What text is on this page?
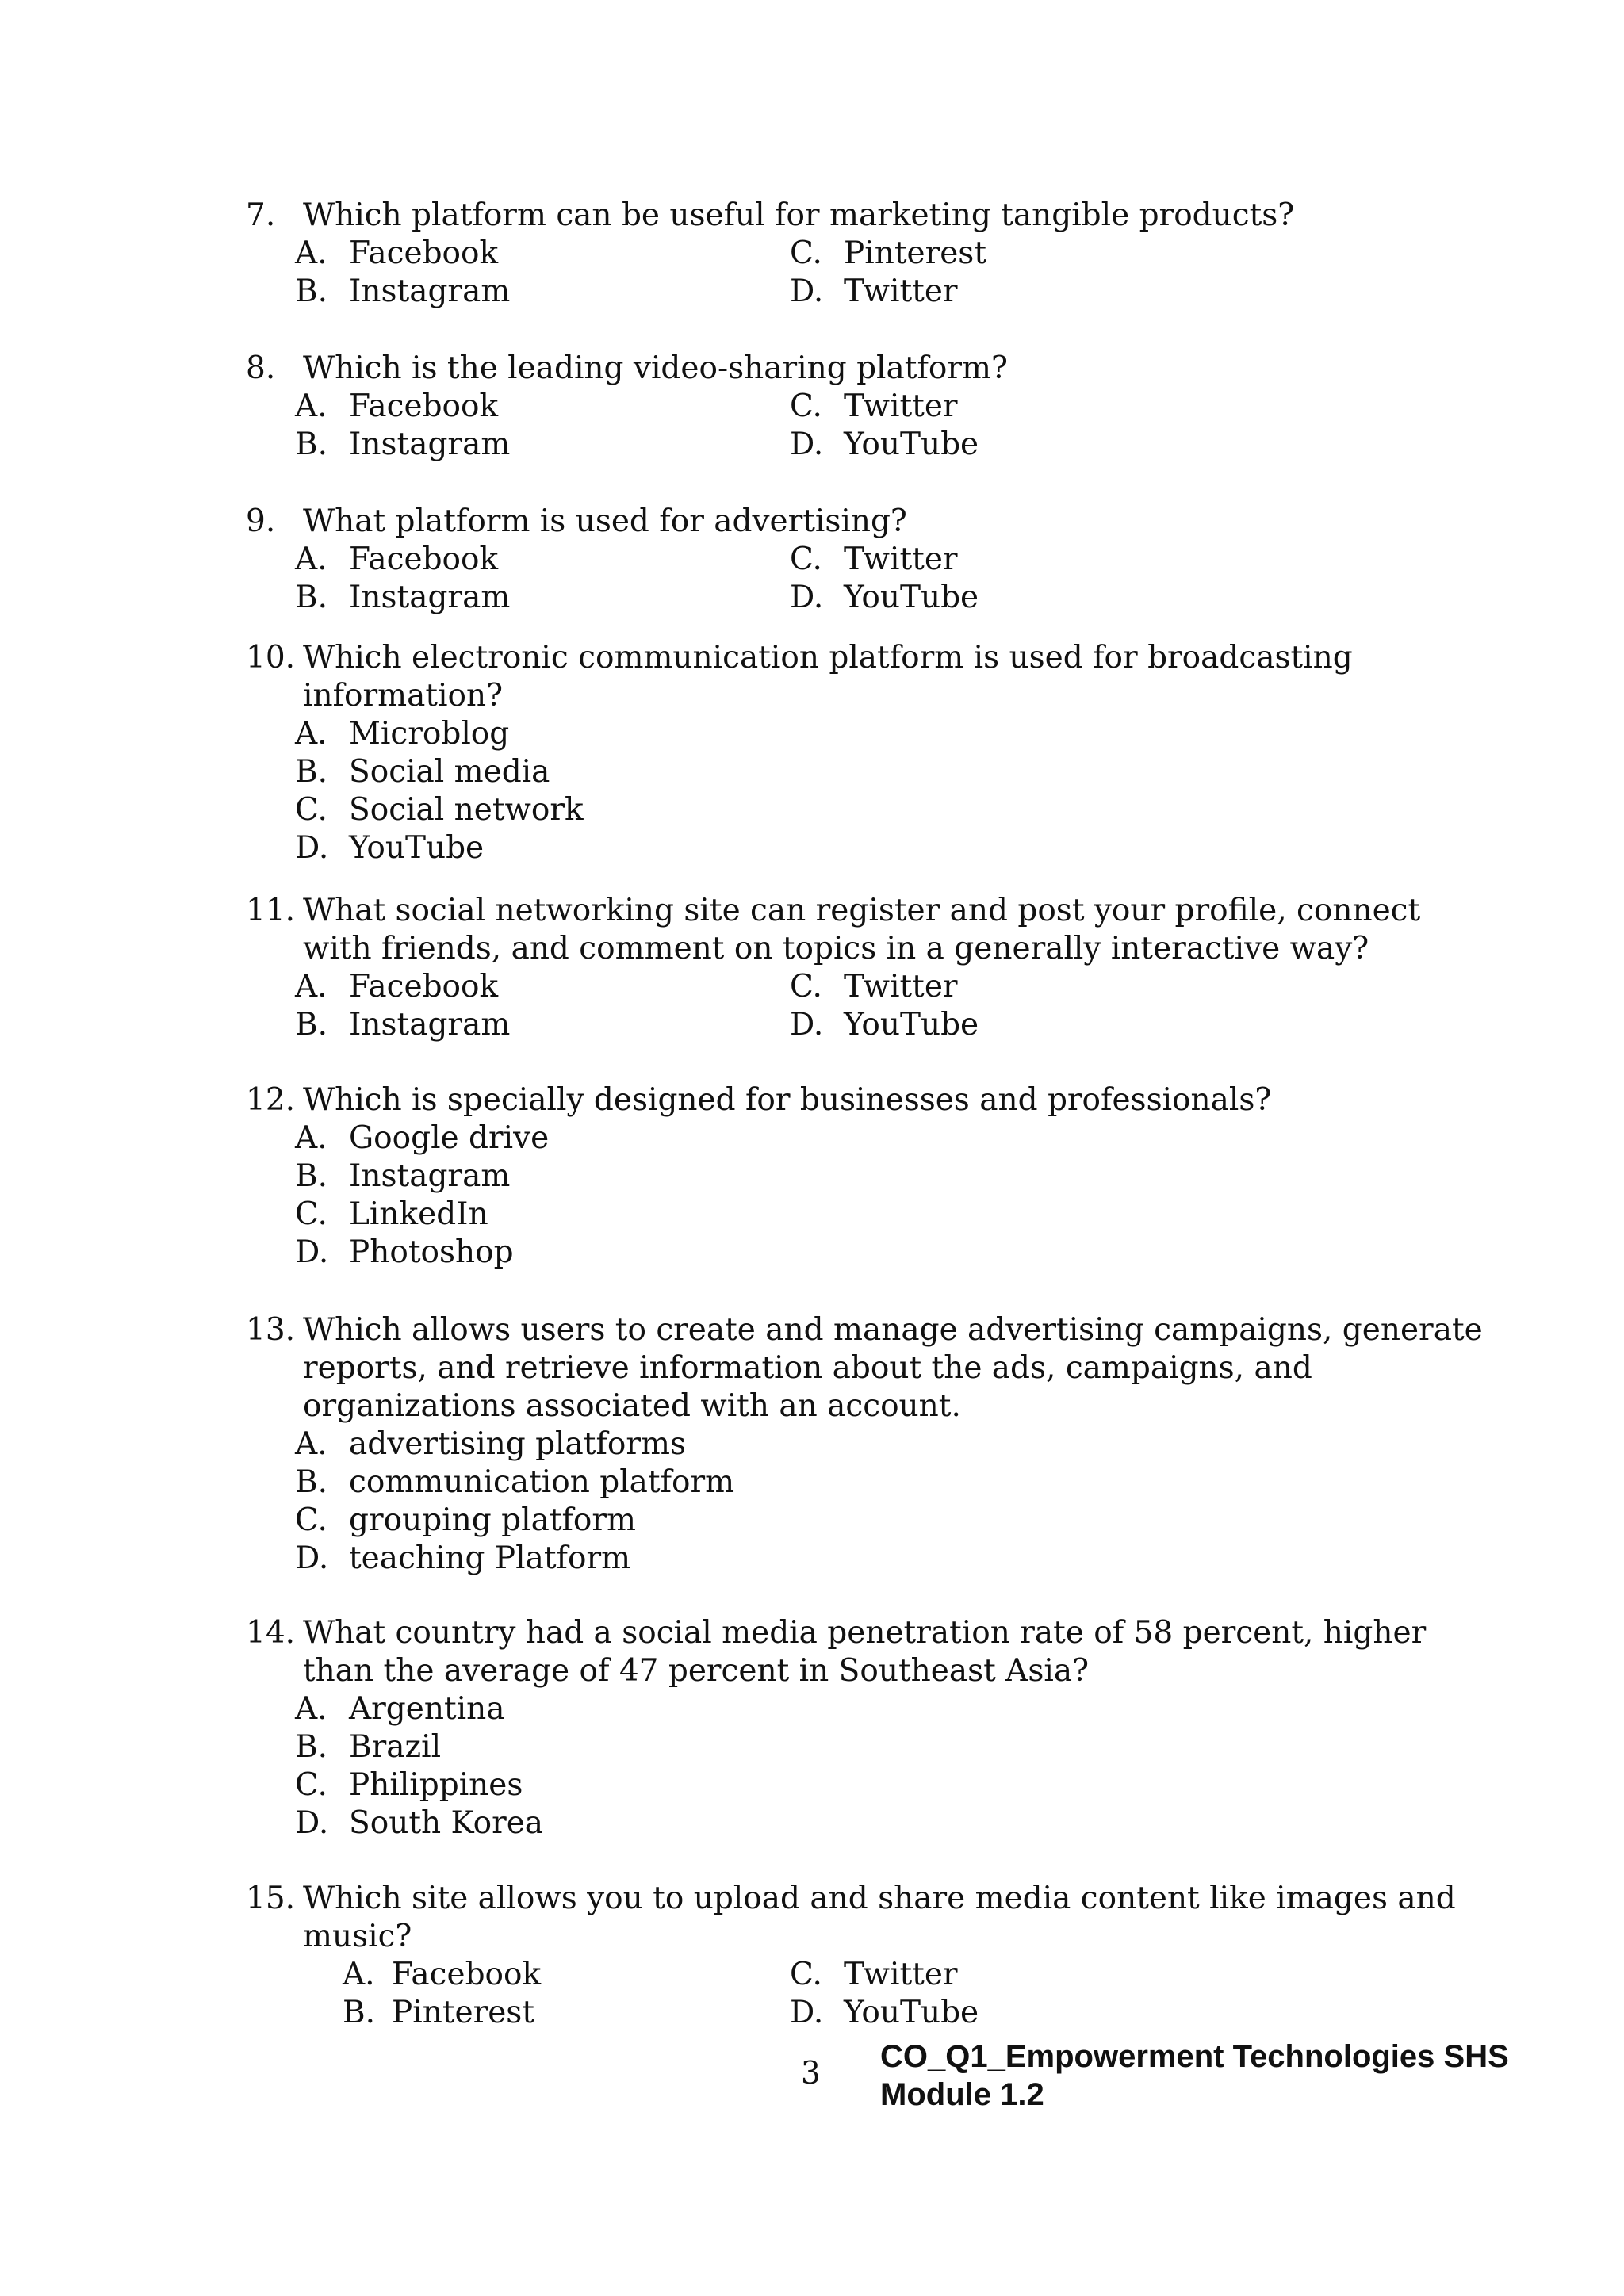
7. Which platform can be useful for marketing tangible products?
A. Facebook	C. Pinterest
B. Instagram	D. Twitter
8. Which is the leading video-sharing platform?
A. Facebook	C. Twitter
B. Instagram	D. YouTube
9. What platform is used for advertising?
A. Facebook	C. Twitter
B. Instagram	D. YouTube
10. Which electronic communication platform is used for broadcasting information?
A. Microblog
B. Social media
C. Social network
D. YouTube
11. What social networking site can register and post your profile, connect with friends, and comment on topics in a generally interactive way?
A. Facebook	C. Twitter
B. Instagram	D. YouTube
12. Which is specially designed for businesses and professionals?
A. Google drive
B. Instagram
C. LinkedIn
D. Photoshop
13. Which allows users to create and manage advertising campaigns, generate reports, and retrieve information about the ads, campaigns, and organizations associated with an account.
A. advertising platforms
B. communication platform
C. grouping platform
D. teaching Platform
14. What country had a social media penetration rate of 58 percent, higher than the average of 47 percent in Southeast Asia?
A. Argentina
B. Brazil
C. Philippines
D. South Korea
15. Which site allows you to upload and share media content like images and music?
A. Facebook	C. Twitter
B. Pinterest	D. YouTube
3 CO_Q1_Empowerment Technologies SHS
Module 1.2
